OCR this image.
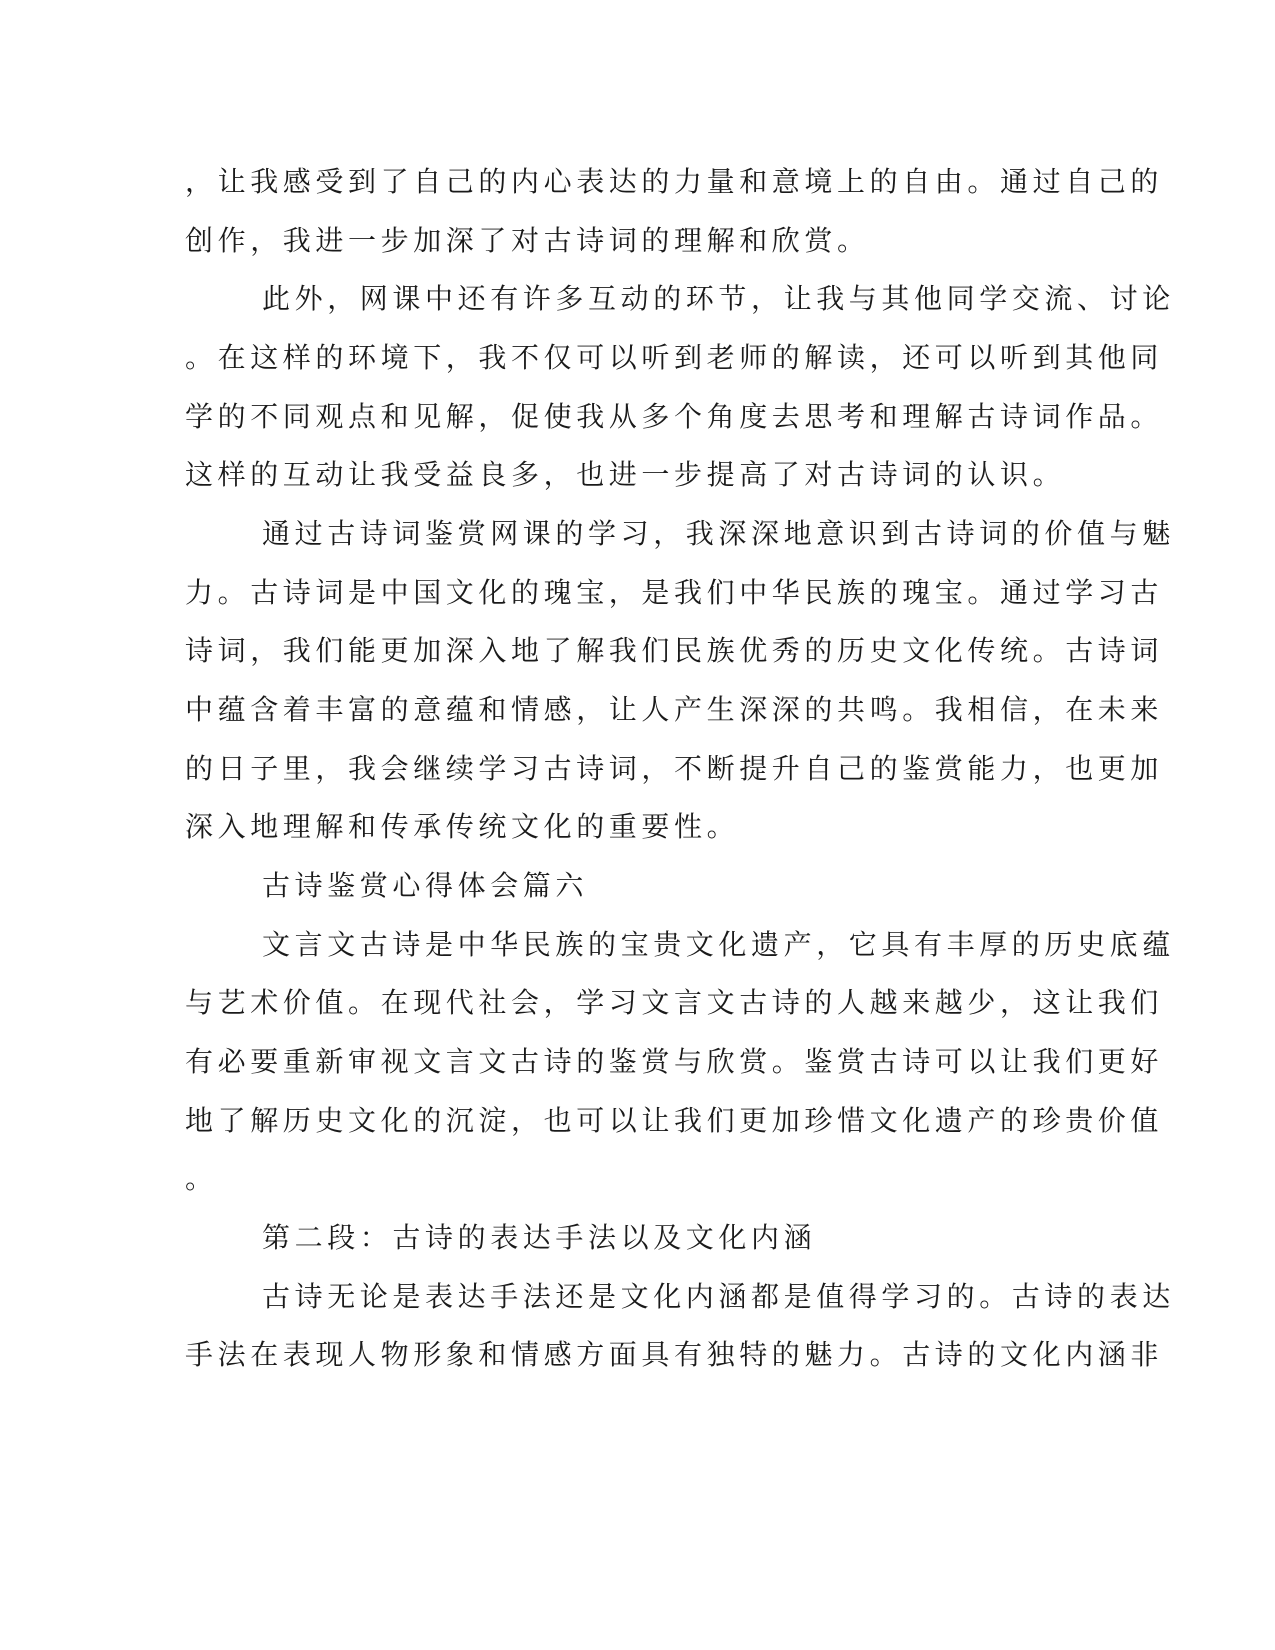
，让我感受到了自己的内心表达的力量和意境上的自由。通过自己的
创作，我进一步加深了对古诗词的理解和欣赏。
此外，网课中还有许多互动的环节，让我与其他同学交流、讨论
。在这样的环境下，我不仅可以听到老师的解读，还可以听到其他同
学的不同观点和见解，促使我从多个角度去思考和理解古诗词作品。
这样的互动让我受益良多，也进一步提高了对古诗词的认识。
通过古诗词鉴赏网课的学习，我深深地意识到古诗词的价值与魅
力。古诗词是中国文化的瑰宝，是我们中华民族的瑰宝。通过学习古
诗词，我们能更加深入地了解我们民族优秀的历史文化传统。古诗词
中蕴含着丰富的意蕴和情感，让人产生深深的共鸣。我相信，在未来
的日子里，我会继续学习古诗词，不断提升自己的鉴赏能力，也更加
深入地理解和传承传统文化的重要性。
古诗鉴赏心得体会篇六
文言文古诗是中华民族的宝贵文化遗产，它具有丰厚的历史底蕴
与艺术价值。在现代社会，学习文言文古诗的人越来越少，这让我们
有必要重新审视文言文古诗的鉴赏与欣赏。鉴赏古诗可以让我们更好
地了解历史文化的沉淀，也可以让我们更加珍惜文化遗产的珍贵价值
。
第二段：古诗的表达手法以及文化内涵
古诗无论是表达手法还是文化内涵都是值得学习的。古诗的表达
手法在表现人物形象和情感方面具有独特的魅力。古诗的文化内涵非
